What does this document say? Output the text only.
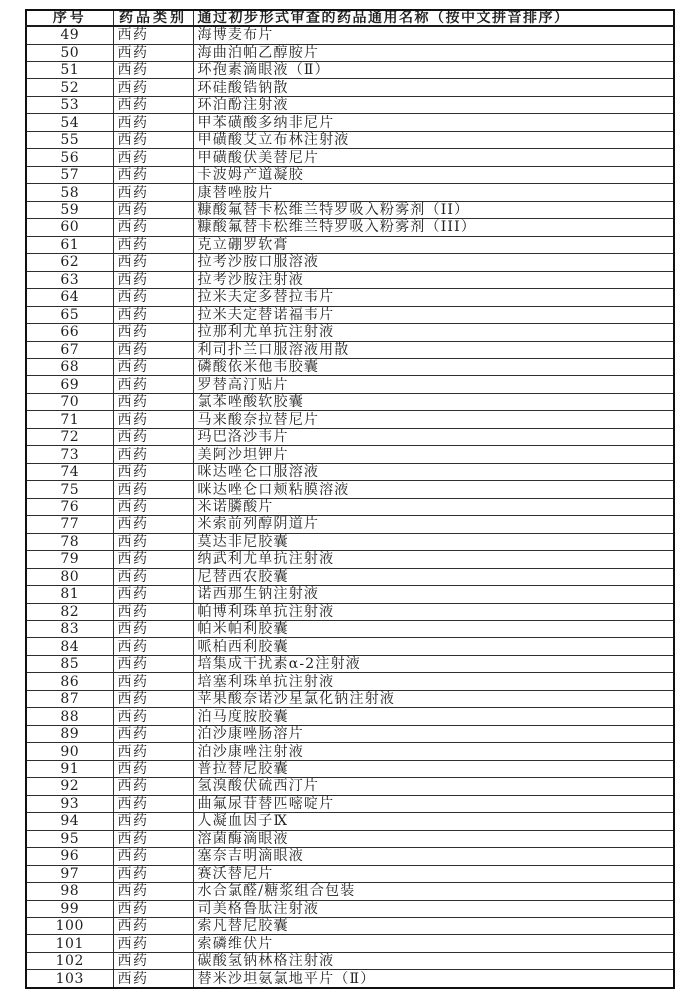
序号	药品类别	通过初步形式审查的药品通用名称（按中文拼音排序）
49	西药	海博麦布片
50	西药	海曲泊帕乙醇胺片
51	西药	环孢素滴眼液（Ⅱ）
52	西药	环硅酸锆钠散
53	西药	环泊酚注射液
54	西药	甲苯磺酸多纳非尼片
55	西药	甲磺酸艾立布林注射液
56	西药	甲磺酸伏美替尼片
57	西药	卡波姆产道凝胶
58	西药	康替唑胺片
59	西药	糠酸氟替卡松维兰特罗吸入粉雾剂（II）
60	西药	糠酸氟替卡松维兰特罗吸入粉雾剂（III）
61	西药	克立硼罗软膏
62	西药	拉考沙胺口服溶液
63	西药	拉考沙胺注射液
64	西药	拉米夫定多替拉韦片
65	西药	拉米夫定替诺福韦片
66	西药	拉那利尤单抗注射液
67	西药	利司扑兰口服溶液用散
68	西药	磷酸依米他韦胶囊
69	西药	罗替高汀贴片
70	西药	氯苯唑酸软胶囊
71	西药	马来酸奈拉替尼片
72	西药	玛巴洛沙韦片
73	西药	美阿沙坦钾片
74	西药	咪达唑仑口服溶液
75	西药	咪达唑仑口颊粘膜溶液
76	西药	米诺膦酸片
77	西药	米索前列醇阴道片
78	西药	莫达非尼胶囊
79	西药	纳武利尤单抗注射液
80	西药	尼替西农胶囊
81	西药	诺西那生钠注射液
82	西药	帕博利珠单抗注射液
83	西药	帕米帕利胶囊
84	西药	哌柏西利胶囊
85	西药	培集成干扰素α-2注射液
86	西药	培塞利珠单抗注射液
87	西药	苹果酸奈诺沙星氯化钠注射液
88	西药	泊马度胺胶囊
89	西药	泊沙康唑肠溶片
90	西药	泊沙康唑注射液
91	西药	普拉替尼胶囊
92	西药	氢溴酸伏硫西汀片
93	西药	曲氟尿苷替匹嘧啶片
94	西药	人凝血因子Ⅸ
95	西药	溶菌酶滴眼液
96	西药	塞奈吉明滴眼液
97	西药	赛沃替尼片
98	西药	水合氯醛/糖浆组合包装
99	西药	司美格鲁肽注射液
100	西药	索凡替尼胶囊
101	西药	索磷维伏片
102	西药	碳酸氢钠林格注射液
103	西药	替米沙坦氨氯地平片（Ⅱ）
